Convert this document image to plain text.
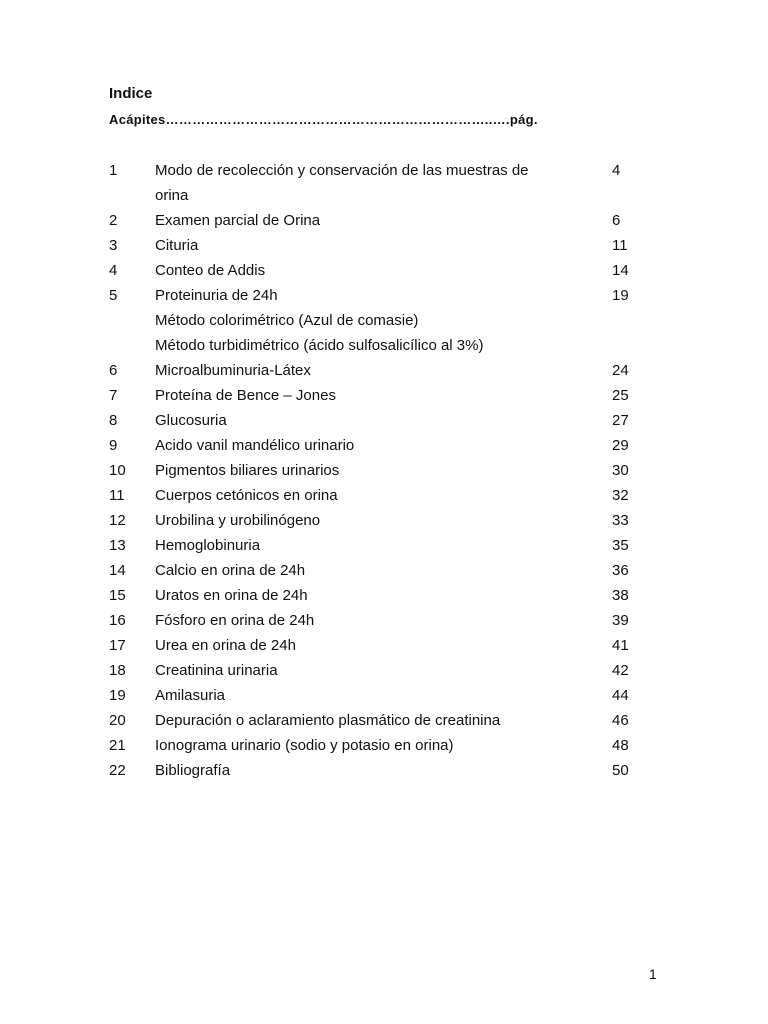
Indice
Acápites………………………………………………………………..….pág.
1	Modo de recolección y conservación de las muestras de	4
orina
2	Examen parcial de Orina	6
3	Cituria	11
4	Conteo de Addis	14
5	Proteinuria de 24h	19
Método colorimétrico (Azul de comasie)
Método turbidimétrico (ácido sulfosalicílico al 3%)
6	Microalbuminuria-Látex	24
7	Proteína de Bence – Jones	25
8	Glucosuria	27
9	Acido vanil mandélico urinario	29
10 Pigmentos biliares urinarios	30
11 Cuerpos cetónicos en orina	32
12 Urobilina y urobilinógeno	33
13 Hemoglobinuria	35
14 Calcio en orina de 24h	36
15 Uratos en orina de 24h	38
16 Fósforo en orina de 24h	39
17 Urea en orina de 24h	41
18 Creatinina urinaria	42
19 Amilasuria	44
20 Depuración o aclaramiento plasmático de creatinina	46
21 Ionograma urinario (sodio y potasio en orina)	48
22 Bibliografía	50
1
